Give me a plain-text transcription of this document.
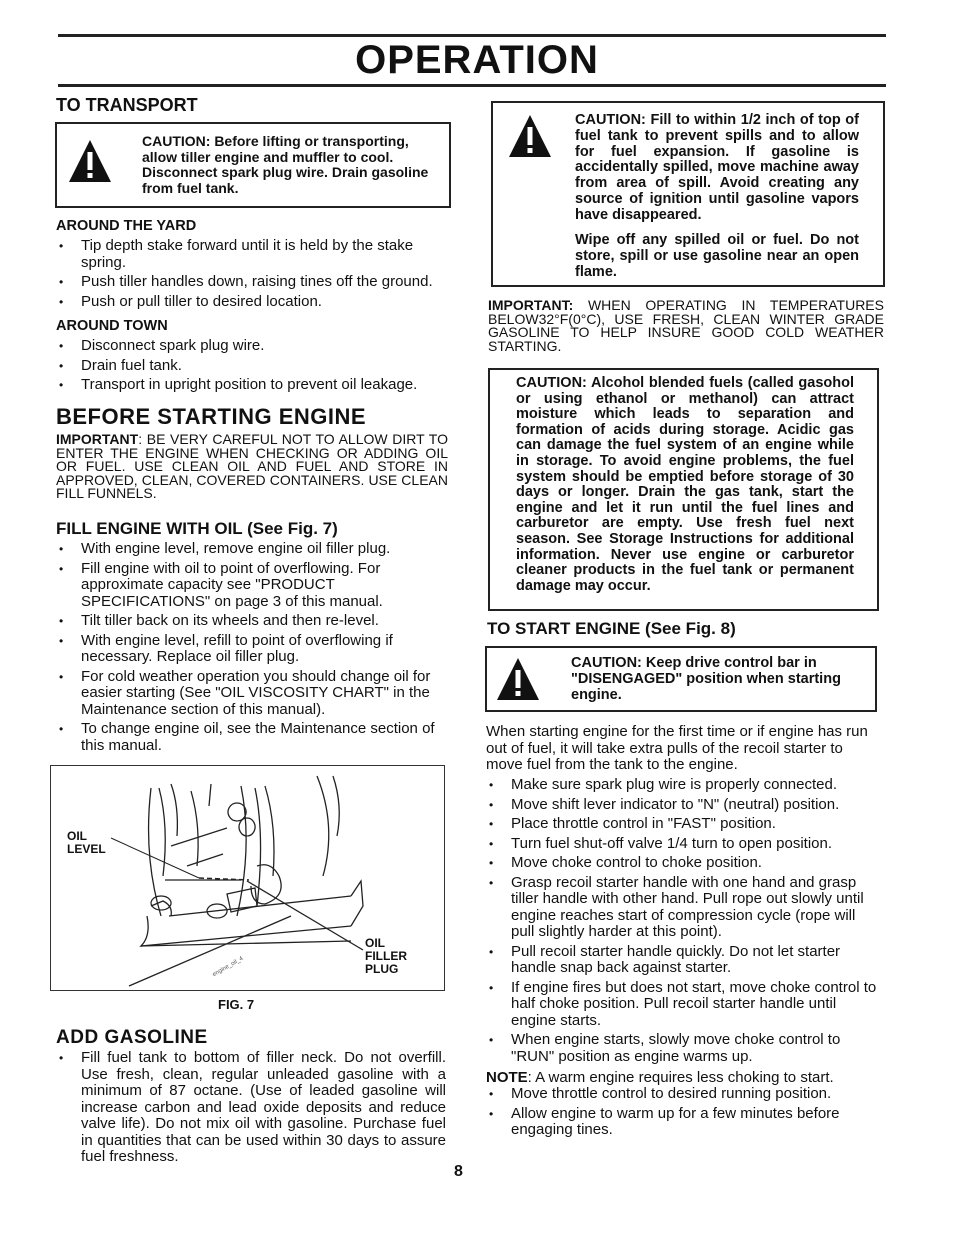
OPERATION
TO TRANSPORT
CAUTION: Before lifting or transporting, allow tiller engine and muffler to cool. Disconnect spark plug wire. Drain gasoline from fuel tank.
AROUND THE YARD
• Tip depth stake forward until it is held by the stake spring.
• Push tiller handles down, raising tines off the ground.
• Push or pull tiller to desired location.
AROUND TOWN
• Disconnect spark plug wire.
• Drain fuel tank.
• Transport in upright position to prevent oil leakage.
BEFORE STARTING ENGINE
IMPORTANT: BE VERY CAREFUL NOT TO ALLOW DIRT TO ENTER THE ENGINE WHEN CHECKING OR ADDING OIL OR FUEL. USE CLEAN OIL AND FUEL AND STORE IN APPROVED, CLEAN, COVERED CONTAINERS. USE CLEAN FILL FUNNELS.
FILL ENGINE WITH OIL (See Fig. 7)
• With engine level, remove engine oil filler plug.
• Fill engine with oil to point of overflowing. For approximate capacity see "PRODUCT SPECIFICATIONS" on page 3 of this manual.
• Tilt tiller back on its wheels and then re-level.
• With engine level, refill to point of overflowing if necessary. Replace oil filler plug.
• For cold weather operation you should change oil for easier starting (See "OIL VISCOSITY CHART" in the Maintenance section of this manual).
• To change engine oil, see the Maintenance section of this manual.
OIL
LEVEL
OIL
FILLER
PLUG
engine_oil_4
FIG. 7
ADD GASOLINE
• Fill fuel tank to bottom of filler neck. Do not overfill. Use fresh, clean, regular unleaded gasoline with a minimum of 87 octane. (Use of leaded gasoline will increase carbon and lead oxide deposits and reduce valve life). Do not mix oil with gasoline. Purchase fuel in quantities that can be used within 30 days to assure fuel freshness.
8
CAUTION: Fill to within 1/2 inch of top of fuel tank to prevent spills and to allow for fuel expansion. If gasoline is accidentally spilled, move machine away from area of spill. Avoid creating any source of ignition until gasoline vapors have disappeared.
Wipe off any spilled oil or fuel. Do not store, spill or use gasoline near an open flame.
IMPORTANT: WHEN OPERATING IN TEMPERATURES BELOW32°F(0°C), USE FRESH, CLEAN WINTER GRADE GASOLINE TO HELP INSURE GOOD COLD WEATHER STARTING.
CAUTION: Alcohol blended fuels (called gasohol or using ethanol or methanol) can attract moisture which leads to separation and formation of acids during storage. Acidic gas can damage the fuel system of an engine while in storage. To avoid engine problems, the fuel system should be emptied before storage of 30 days or longer. Drain the gas tank, start the engine and let it run until the fuel lines and carburetor are empty. Use fresh fuel next season. See Storage Instructions for additional information. Never use engine or carburetor cleaner products in the fuel tank or permanent damage may occur.
TO START ENGINE (See Fig. 8)
CAUTION: Keep drive control bar in "DISENGAGED" position when starting engine.
When starting engine for the first time or if engine has run out of fuel, it will take extra pulls of the recoil starter to move fuel from the tank to the engine.
• Make sure spark plug wire is properly connected.
• Move shift lever indicator to "N" (neutral) position.
• Place throttle control in "FAST" position.
• Turn fuel shut-off valve 1/4 turn to open position.
• Move choke control to choke position.
• Grasp recoil starter handle with one hand and grasp tiller handle with other hand. Pull rope out slowly until engine reaches start of compression cycle (rope will pull slightly harder at this point).
• Pull recoil starter handle quickly. Do not let starter handle snap back against starter.
• If engine fires but does not start, move choke control to half choke position. Pull recoil starter handle until engine starts.
• When engine starts, slowly move choke control to "RUN" position as engine warms up.
NOTE: A warm engine requires less choking to start.
• Move throttle control to desired running position.
• Allow engine to warm up for a few minutes before engaging tines.
